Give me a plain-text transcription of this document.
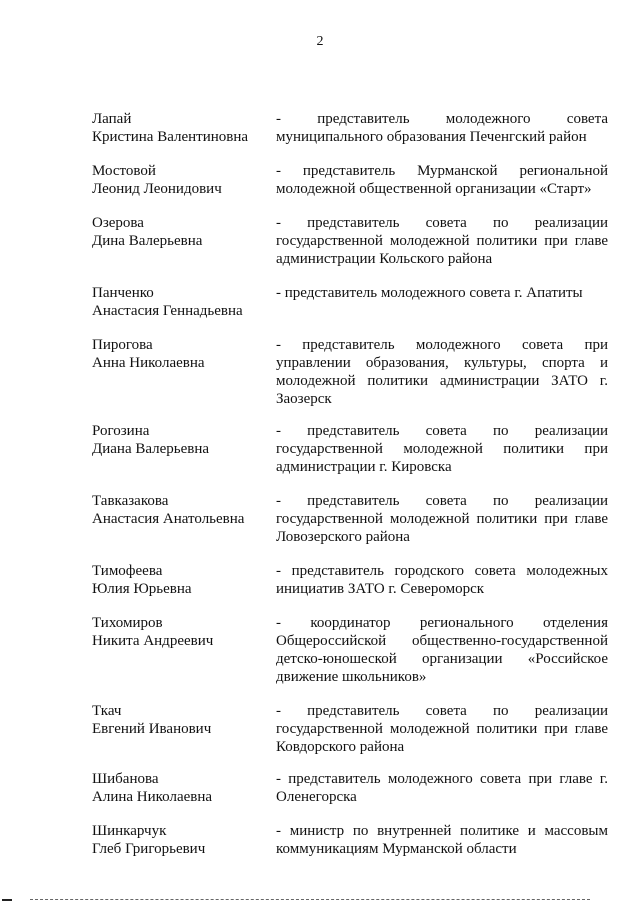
2
Лапай
Кристина Валентиновна
- представитель молодежного совета муниципального образования Печенгский район
Мостовой
Леонид Леонидович
- представитель Мурманской региональной молодежной общественной организации «Старт»
Озерова
Дина Валерьевна
- представитель совета по реализации государственной молодежной политики при главе администрации Кольского района
Панченко
Анастасия Геннадьевна
- представитель молодежного совета г. Апатиты
Пирогова
Анна Николаевна
- представитель молодежного совета при управлении образования, культуры, спорта и молодежной политики администрации ЗАТО г. Заозерск
Рогозина
Диана Валерьевна
- представитель совета по реализации государственной молодежной политики при администрации г. Кировска
Тавказакова
Анастасия Анатольевна
- представитель совета по реализации государственной молодежной политики при главе Ловозерского района
Тимофеева
Юлия Юрьевна
- представитель городского совета молодежных инициатив ЗАТО г. Североморск
Тихомиров
Никита Андреевич
- координатор регионального отделения Общероссийской общественно-государственной детско-юношеской организации «Российское движение школьников»
Ткач
Евгений Иванович
- представитель совета по реализации государственной молодежной политики при главе Ковдорского района
Шибанова
Алина Николаевна
- представитель молодежного совета при главе г. Оленегорска
Шинкарчук
Глеб Григорьевич
- министр по внутренней политике и массовым коммуникациям Мурманской области
